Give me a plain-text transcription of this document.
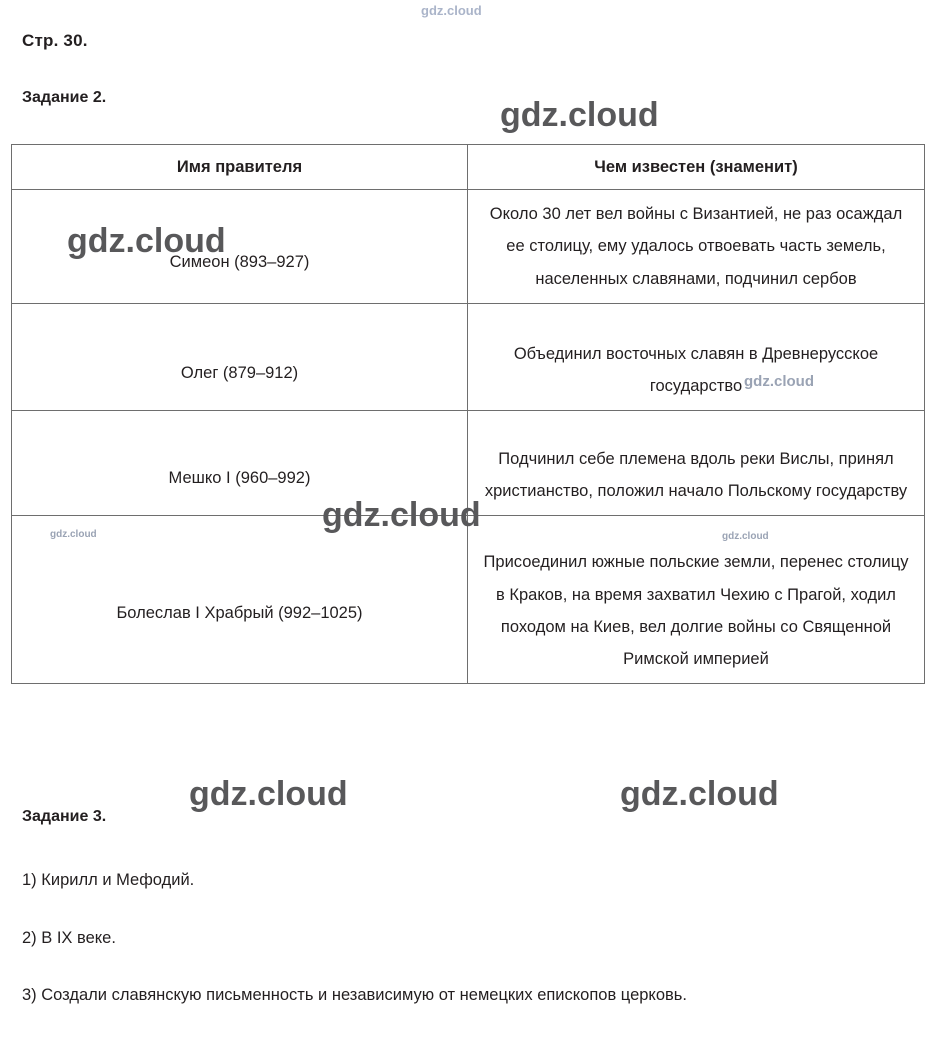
gdz.cloud
Стр. 30.
Задание 2.
Имя правителя	Чем известен (знаменит)
Симеон (893–927)	Около 30 лет вел войны с Византией, не раз осаждал ее столицу, ему удалось отвоевать часть земель, населенных славянами, подчинил сербов
Олег (879–912)	Объединил восточных славян в Древнерусское государство
Мешко I (960–992)	Подчинил себе племена вдоль реки Вислы, принял христианство, положил начало Польскому государству
Болеслав I Храбрый (992–1025)	Присоединил южные польские земли, перенес столицу в Краков, на время захватил Чехию с Прагой, ходил походом на Киев, вел долгие войны со Священной Римской империей
Задание 3.
1) Кирилл и Мефодий.
2) В IX веке.
3) Создали славянскую письменность и независимую от немецких епископов церковь.
gdz.cloud
gdz.cloud
gdz.cloud
gdz.cloud
gdz.cloud	gdz.cloud
gdz.cloud	gdz.cloud
